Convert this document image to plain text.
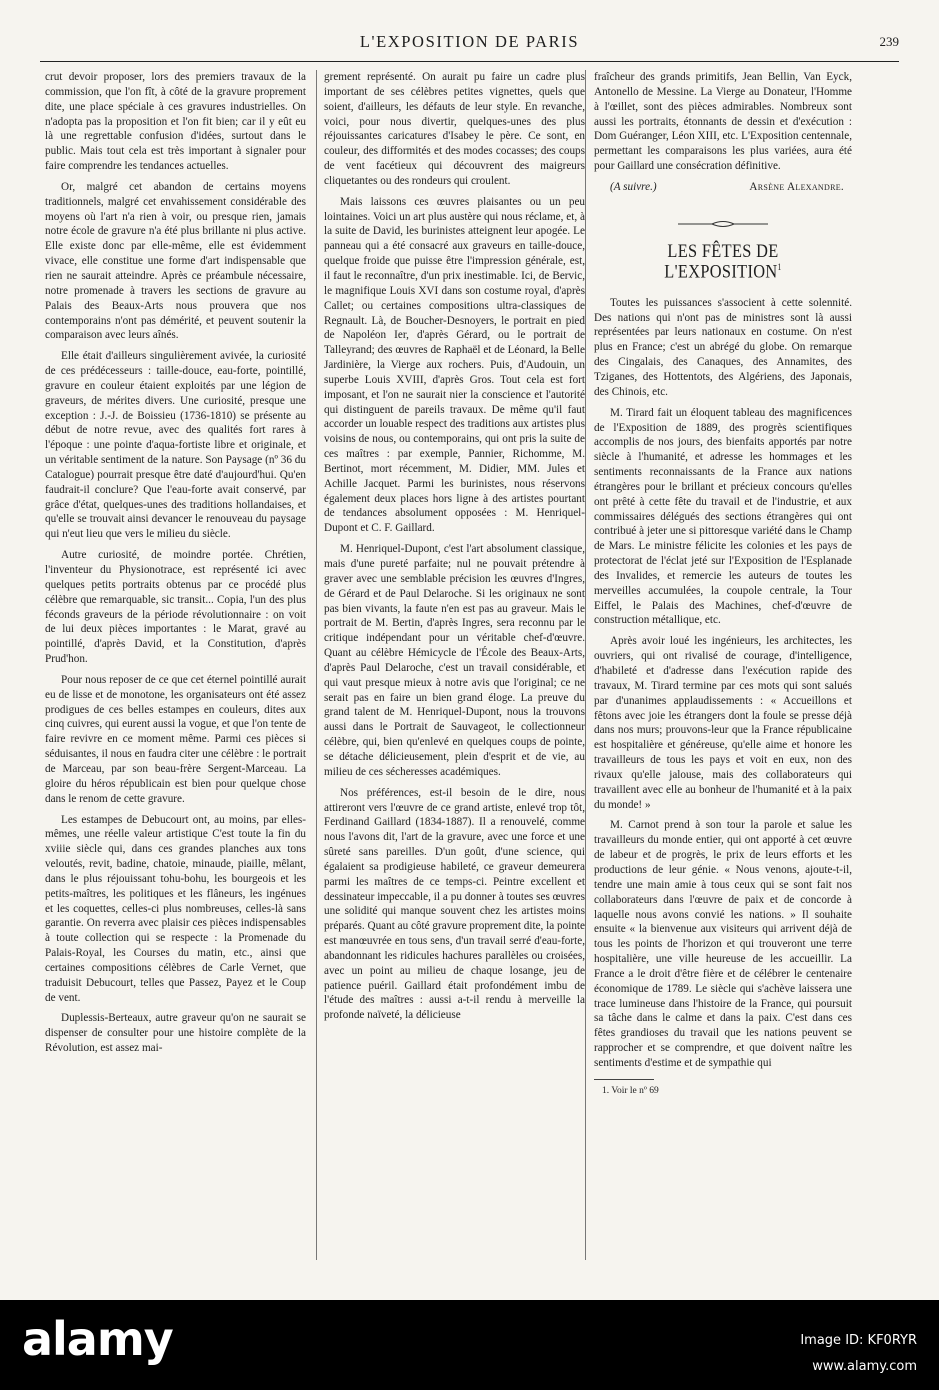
L'EXPOSITION DE PARIS	239

crut devoir proposer, lors des premiers travaux de la commission, que l'on fît, à côté de la gravure proprement dite, une place spéciale à ces gravures industrielles. On n'adopta pas la proposition et l'on fit bien; car il y eût eu là une regrettable confusion d'idées, surtout dans le public. Mais tout cela est très important à signaler pour faire comprendre les tendances actuelles.

Or, malgré cet abandon de certains moyens traditionnels, malgré cet envahissement considérable des moyens où l'art n'a rien à voir, ou presque rien, jamais notre école de gravure n'a été plus brillante ni plus active. Elle existe donc par elle-même, elle est évidemment vivace, elle constitue une forme d'art indispensable que rien ne saurait atteindre. Après ce préambule nécessaire, notre promenade à travers les sections de gravure au Palais des Beaux-Arts nous prouvera que nos contemporains n'ont pas démérité, et peuvent soutenir la comparaison avec leurs aînés.

Elle était d'ailleurs singulièrement avivée, la curiosité de ces prédécesseurs : taille-douce, eau-forte, pointillé, gravure en couleur étaient exploités par une légion de graveurs, de mérites divers. Une curiosité, presque une exception : J.-J. de Boissieu (1736-1810) se présente au début de notre revue, avec des qualités fort rares à l'époque : une pointe d'aqua-fortiste libre et originale, et un véritable sentiment de la nature. Son Paysage (nº 36 du Catalogue) pourrait presque être daté d'aujourd'hui. Qu'en faudrait-il conclure? Que l'eau-forte avait conservé, par grâce d'état, quelques-unes des traditions hollandaises, et qu'elle se trouvait ainsi devancer le renouveau du paysage qui n'eut lieu que vers le milieu du siècle.

Autre curiosité, de moindre portée. Chrétien, l'inventeur du Physionotrace, est représenté ici avec quelques petits portraits obtenus par ce procédé plus célèbre que remarquable, sic transit... Copia, l'un des plus féconds graveurs de la période révolutionnaire : on voit de lui deux pièces importantes : le Marat, gravé au pointillé, d'après David, et la Constitution, d'après Prud'hon.

Pour nous reposer de ce que cet éternel pointillé aurait eu de lisse et de monotone, les organisateurs ont été assez prodigues de ces belles estampes en couleurs, dites aux cinq cuivres, qui eurent aussi la vogue, et que l'on tente de faire revivre en ce moment même. Parmi ces pièces si séduisantes, il nous en faudra citer une célèbre : le portrait de Marceau, par son beau-frère Sergent-Marceau. La gloire du héros républicain est bien pour quelque chose dans le renom de cette gravure.

Les estampes de Debucourt ont, au moins, par elles-mêmes, une réelle valeur artistique C'est toute la fin du xviiie siècle qui, dans ces grandes planches aux tons veloutés, revit, badine, chatoie, minaude, piaille, mêlant, dans le plus réjouissant tohu-bohu, les bourgeois et les petits-maîtres, les politiques et les flâneurs, les ingénues et les coquettes, celles-ci plus nombreuses, celles-là sans garantie. On reverra avec plaisir ces pièces indispensables à toute collection qui se respecte : la Promenade du Palais-Royal, les Courses du matin, etc., ainsi que certaines compositions célèbres de Carle Vernet, que traduisit Debucourt, telles que Passez, Payez et le Coup de vent.

Duplessis-Berteaux, autre graveur qu'on ne saurait se dispenser de consulter pour une histoire complète de la Révolution, est assez mai-

grement représenté. On aurait pu faire un cadre plus important de ses célèbres petites vignettes, quels que soient, d'ailleurs, les défauts de leur style. En revanche, voici, pour nous divertir, quelques-unes des plus réjouissantes caricatures d'Isabey le père. Ce sont, en couleur, des difformités et des modes cocasses; des coups de vent facétieux qui découvrent des maigreurs cliquetantes ou des rondeurs qui croulent.

Mais laissons ces œuvres plaisantes ou un peu lointaines. Voici un art plus austère qui nous réclame, et, à la suite de David, les burinistes atteignent leur apogée. Le panneau qui a été consacré aux graveurs en taille-douce, quelque froide que puisse être l'impression générale, est, il faut le reconnaître, d'un prix inestimable. Ici, de Bervic, le magnifique Louis XVI dans son costume royal, d'après Callet; ou certaines compositions ultra-classiques de Regnault. Là, de Boucher-Desnoyers, le portrait en pied de Napoléon Ier, d'après Gérard, ou le portrait de Talleyrand; des œuvres de Raphaël et de Léonard, la Belle Jardinière, la Vierge aux rochers. Puis, d'Audouin, un superbe Louis XVIII, d'après Gros. Tout cela est fort imposant, et l'on ne saurait nier la conscience et l'autorité qui distinguent de pareils travaux. De même qu'il faut accorder un louable respect des traditions aux artistes plus voisins de nous, ou contemporains, qui ont pris la suite de ces maîtres : par exemple, Pannier, Richomme, M. Bertinot, mort récemment, M. Didier, MM. Jules et Achille Jacquet. Parmi les burinistes, nous réservons également deux places hors ligne à des artistes pourtant de tendances absolument opposées : M. Henriquel-Dupont et C. F. Gaillard.

M. Henriquel-Dupont, c'est l'art absolument classique, mais d'une pureté parfaite; nul ne pouvait prétendre à graver avec une semblable précision les œuvres d'Ingres, de Gérard et de Paul Delaroche. Si les originaux ne sont pas bien vivants, la faute n'en est pas au graveur. Mais le portrait de M. Bertin, d'après Ingres, sera reconnu par le critique indépendant pour un véritable chef-d'œuvre. Quant au célèbre Hémicycle de l'École des Beaux-Arts, d'après Paul Delaroche, c'est un travail considérable, et qui vaut presque mieux à notre avis que l'original; ce ne serait pas en faire un bien grand éloge. La preuve du grand talent de M. Henriquel-Dupont, nous la trouvons aussi dans le Portrait de Sauvageot, le collectionneur célèbre, qui, bien qu'enlevé en quelques coups de pointe, se détache délicieusement, plein d'esprit et de vie, au milieu de ces sécheresses académiques.

Nos préférences, est-il besoin de le dire, nous attireront vers l'œuvre de ce grand artiste, enlevé trop tôt, Ferdinand Gaillard (1834-1887). Il a renouvelé, comme nous l'avons dit, l'art de la gravure, avec une force et une sûreté sans pareilles. D'un goût, d'une science, qui égalaient sa prodigieuse habileté, ce graveur demeurera parmi les maîtres de ce temps-ci. Peintre excellent et dessinateur impeccable, il a pu donner à toutes ses œuvres une solidité qui manque souvent chez les artistes moins préparés. Quant au côté gravure proprement dite, la pointe est manœuvrée en tous sens, d'un travail serré d'eau-forte, abandonnant les ridicules hachures parallèles ou croisées, avec un point au milieu de chaque losange, jeu de patience puéril. Gaillard était profondément imbu de l'étude des maîtres : aussi a-t-il rendu à merveille la profonde naïveté, la délicieuse

fraîcheur des grands primitifs, Jean Bellin, Van Eyck, Antonello de Messine. La Vierge au Donateur, l'Homme à l'œillet, sont des pièces admirables. Nombreux sont aussi les portraits, étonnants de dessin et d'exécution : Dom Guéranger, Léon XIII, etc. L'Exposition centennale, permettant les comparaisons les plus variées, aura été pour Gaillard une consécration définitive.

(A suivre.)	Arsène Alexandre.
LES FÊTES DE L'EXPOSITION$^1$

Toutes les puissances s'associent à cette solennité. Des nations qui n'ont pas de ministres sont là aussi représentées par leurs nationaux en costume. On n'est plus en France; c'est un abrégé du globe. On remarque des Cingalais, des Canaques, des Annamites, des Tziganes, des Hottentots, des Algériens, des Japonais, des Chinois, etc.

M. Tirard fait un éloquent tableau des magnificences de l'Exposition de 1889, des progrès scientifiques accomplis de nos jours, des bienfaits apportés par notre siècle à l'humanité, et adresse les hommages et les sentiments reconnaissants de la France aux nations étrangères pour le brillant et précieux concours qu'elles ont prêté à cette fête du travail et de l'industrie, et aux commissaires délégués des sections étrangères qui ont contribué à jeter une si pittoresque variété dans le Champ de Mars. Le ministre félicite les colonies et les pays de protectorat de l'éclat jeté sur l'Exposition de l'Esplanade des Invalides, et remercie les auteurs de toutes les merveilles accumulées, la coupole centrale, la Tour Eiffel, le Palais des Machines, chef-d'œuvre de construction métallique, etc.

Après avoir loué les ingénieurs, les architectes, les ouvriers, qui ont rivalisé de courage, d'intelligence, d'habileté et d'adresse dans l'exécution rapide des travaux, M. Tirard termine par ces mots qui sont salués par d'unanimes applaudissements : « Accueillons et fêtons avec joie les étrangers dont la foule se presse déjà dans nos murs; prouvons-leur que la France républicaine est hospitalière et généreuse, qu'elle aime et honore les travailleurs de tous les pays et voit en eux, non des rivaux qu'elle jalouse, mais des collaborateurs qui travaillent avec elle au bonheur de l'humanité et à la paix du monde! »

M. Carnot prend à son tour la parole et salue les travailleurs du monde entier, qui ont apporté à cet œuvre de labeur et de progrès, le prix de leurs efforts et les productions de leur génie. « Nous venons, ajoute-t-il, tendre une main amie à tous ceux qui se sont fait nos collaborateurs dans l'œuvre de paix et de concorde à laquelle nous avons convié les nations. » Il souhaite ensuite « la bienvenue aux visiteurs qui arrivent déjà de tous les points de l'horizon et qui trouveront une terre hospitalière, une ville heureuse de les accueillir. La France a le droit d'être fière et de célébrer le centenaire économique de 1789. Le siècle qui s'achève laissera une trace lumineuse dans l'histoire de la France, qui poursuit sa tâche dans le calme et dans la paix. C'est dans ces fêtes grandioses du travail que les nations peuvent se rapprocher et se comprendre, et que doivent naître les sentiments d'estime et de sympathie qui

1. Voir le nº 69
alamy	Image ID: KF0RYR
www.alamy.com
